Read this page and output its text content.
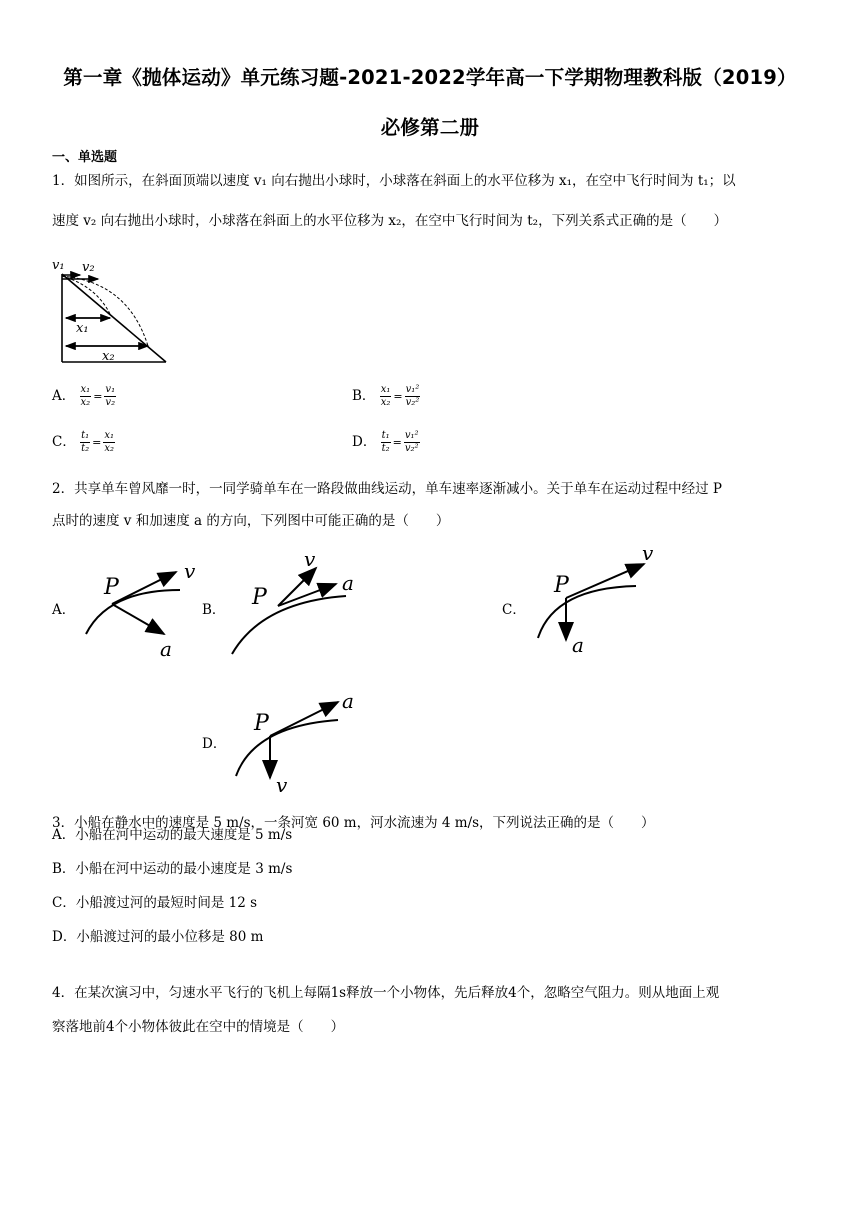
第一章《抛体运动》单元练习题-2021-2022学年高一下学期物理教科版（2019）
必修第二册
一、单选题
1．如图所示，在斜面顶端以速度 v₁ 向右抛出小球时，小球落在斜面上的水平位移为 x₁，在空中飞行时间为 t₁；以
速度 v₂ 向右抛出小球时，小球落在斜面上的水平位移为 x₂，在空中飞行时间为 t₂，下列关系式正确的是（　　）
v₁ v₂
x₁
x₂
A． $\frac{\text{x₁}}{\text{x₂}} = \frac{\text{v₁}}{\text{v₂}}$	B． $\frac{\text{x₁}}{\text{x₂}} = \frac{\text{v₁²}}{\text{v₂²}}$
C． $\frac{\text{t₁}}{\text{t₂}} = \frac{\text{x₁}}{\text{x₂}}$	D． $\frac{\text{t₁}}{\text{t₂}} = \frac{\text{v₁²}}{\text{v₂²}}$
2．共享单车曾风靡一时，一同学骑单车在一路段做曲线运动，单车速率逐渐减小。关于单车在运动过程中经过 P
点时的速度 v 和加速度 a 的方向，下列图中可能正确的是（　　）
A．
P
v
a
B． P
v
a
C．
P
v
a
D．
P
a
v
3．小船在静水中的速度是 5 m/s，一条河宽 60 m，河水流速为 4 m/s，下列说法正确的是（　　）
A．小船在河中运动的最大速度是 5 m/s
B．小船在河中运动的最小速度是 3 m/s
C．小船渡过河的最短时间是 12 s
D．小船渡过河的最小位移是 80 m
4．在某次演习中，匀速水平飞行的飞机上每隔1s释放一个小物体，先后释放4个，忽略空气阻力。则从地面上观
察落地前4个小物体彼此在空中的情境是（　　）
